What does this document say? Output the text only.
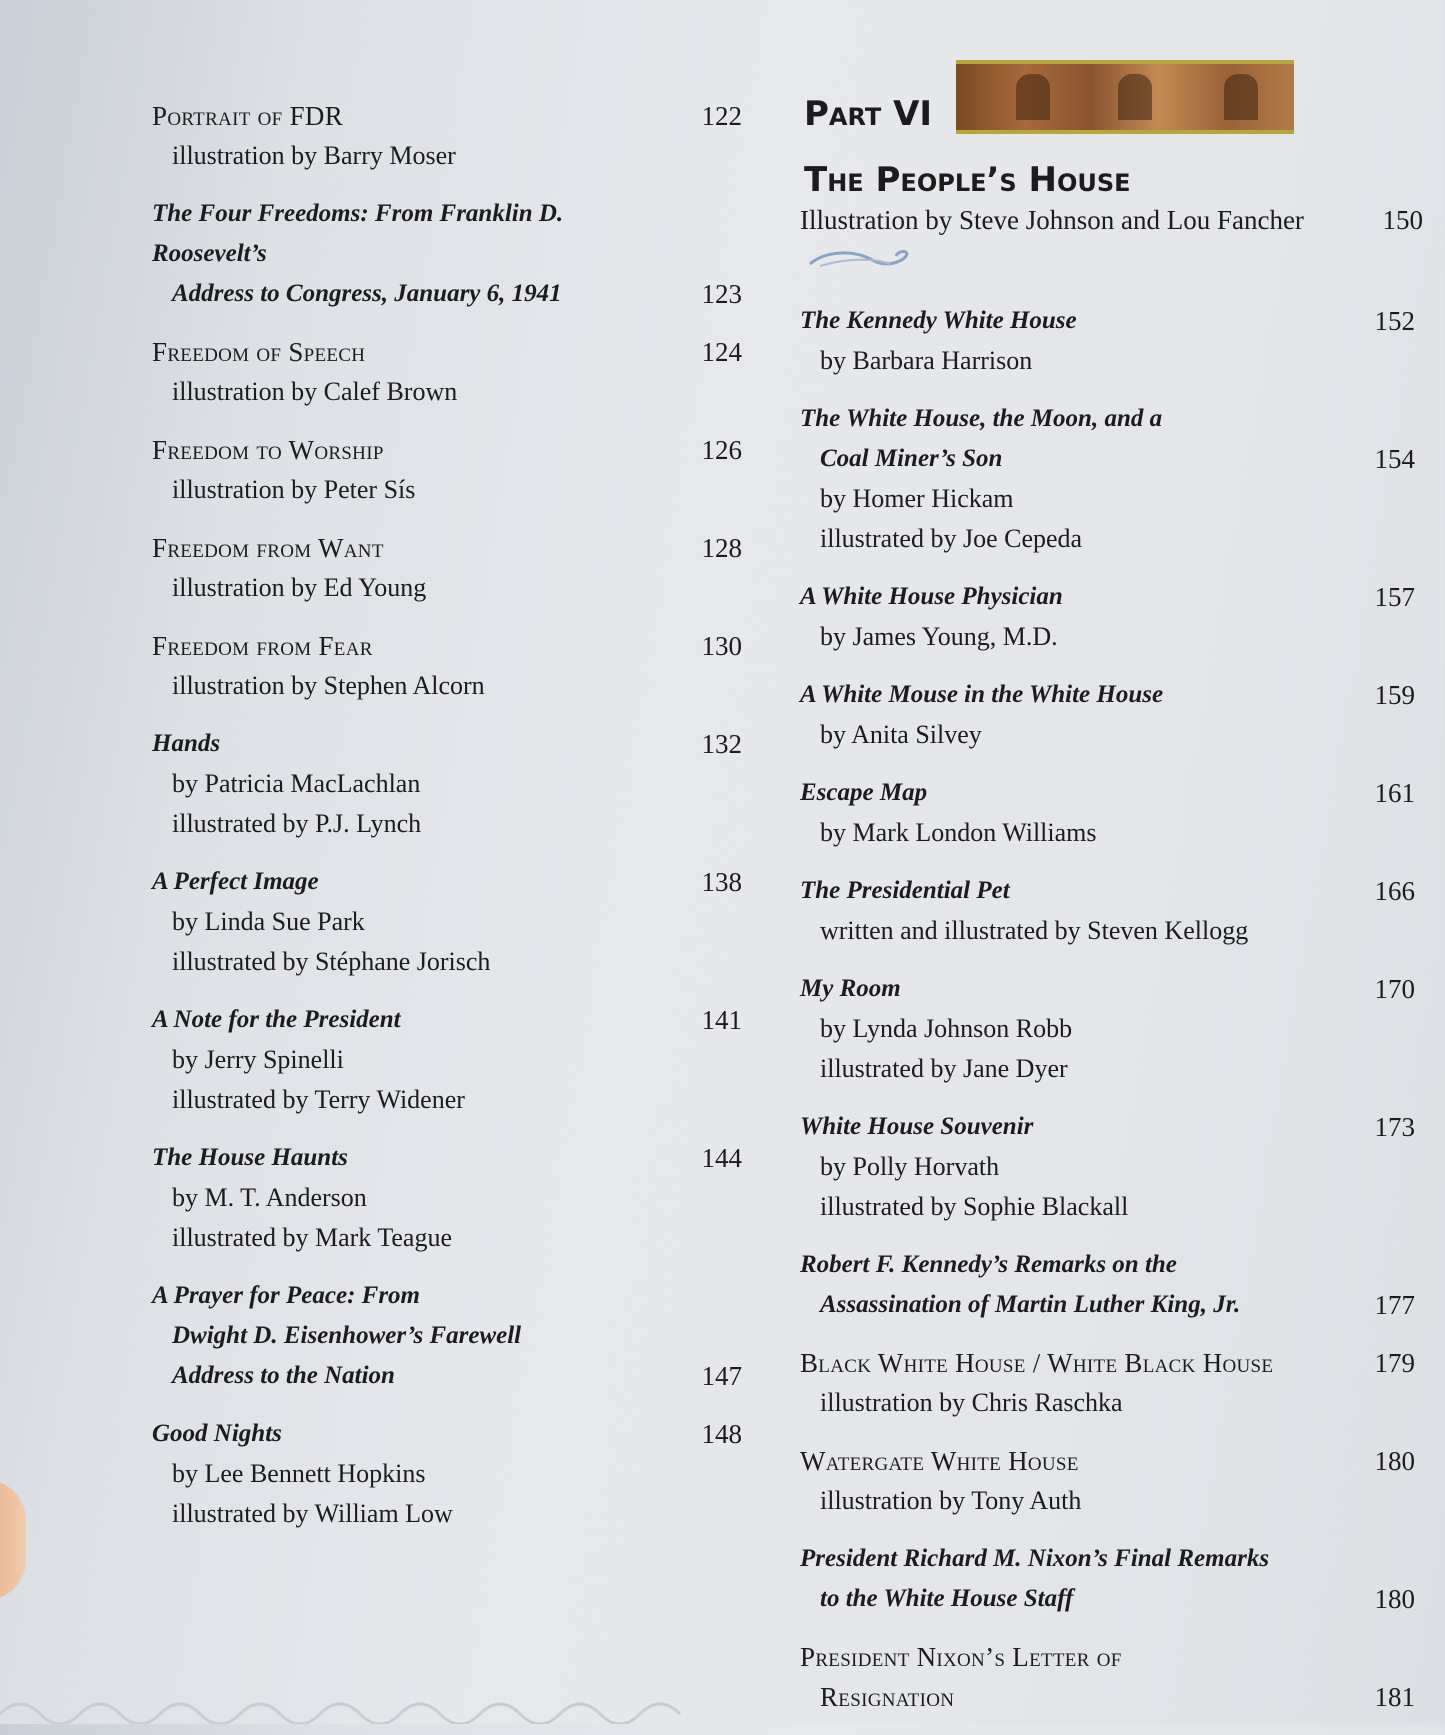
Portrait of FDR	122
illustration by Barry Moser
The Four Freedoms: From Franklin D. Roosevelt’s
Address to Congress, January 6, 1941	123
Freedom of Speech	124
illustration by Calef Brown
Freedom to Worship	126
illustration by Peter Sís
Freedom from Want	128
illustration by Ed Young
Freedom from Fear	130
illustration by Stephen Alcorn
Hands	132
by Patricia MacLachlan
illustrated by P.J. Lynch
A Perfect Image	138
by Linda Sue Park
illustrated by Stéphane Jorisch
A Note for the President	141
by Jerry Spinelli
illustrated by Terry Widener
The House Haunts	144
by M. T. Anderson
illustrated by Mark Teague
A Prayer for Peace: From
Dwight D. Eisenhower’s Farewell
Address to the Nation	147
Good Nights	148
by Lee Bennett Hopkins
illustrated by William Low
Part VI
The People’s House
Illustration by Steve Johnson and Lou Fancher	150
The Kennedy White House	152
by Barbara Harrison
The White House, the Moon, and a
Coal Miner’s Son	154
by Homer Hickam
illustrated by Joe Cepeda
A White House Physician	157
by James Young, M.D.
A White Mouse in the White House	159
by Anita Silvey
Escape Map	161
by Mark London Williams
The Presidential Pet	166
written and illustrated by Steven Kellogg
My Room	170
by Lynda Johnson Robb
illustrated by Jane Dyer
White House Souvenir	173
by Polly Horvath
illustrated by Sophie Blackall
Robert F. Kennedy’s Remarks on the
Assassination of Martin Luther King, Jr.	177
Black White House / White Black House	179
illustration by Chris Raschka
Watergate White House	180
illustration by Tony Auth
President Richard M. Nixon’s Final Remarks
to the White House Staff	180
President Nixon’s Letter of
Resignation	181
